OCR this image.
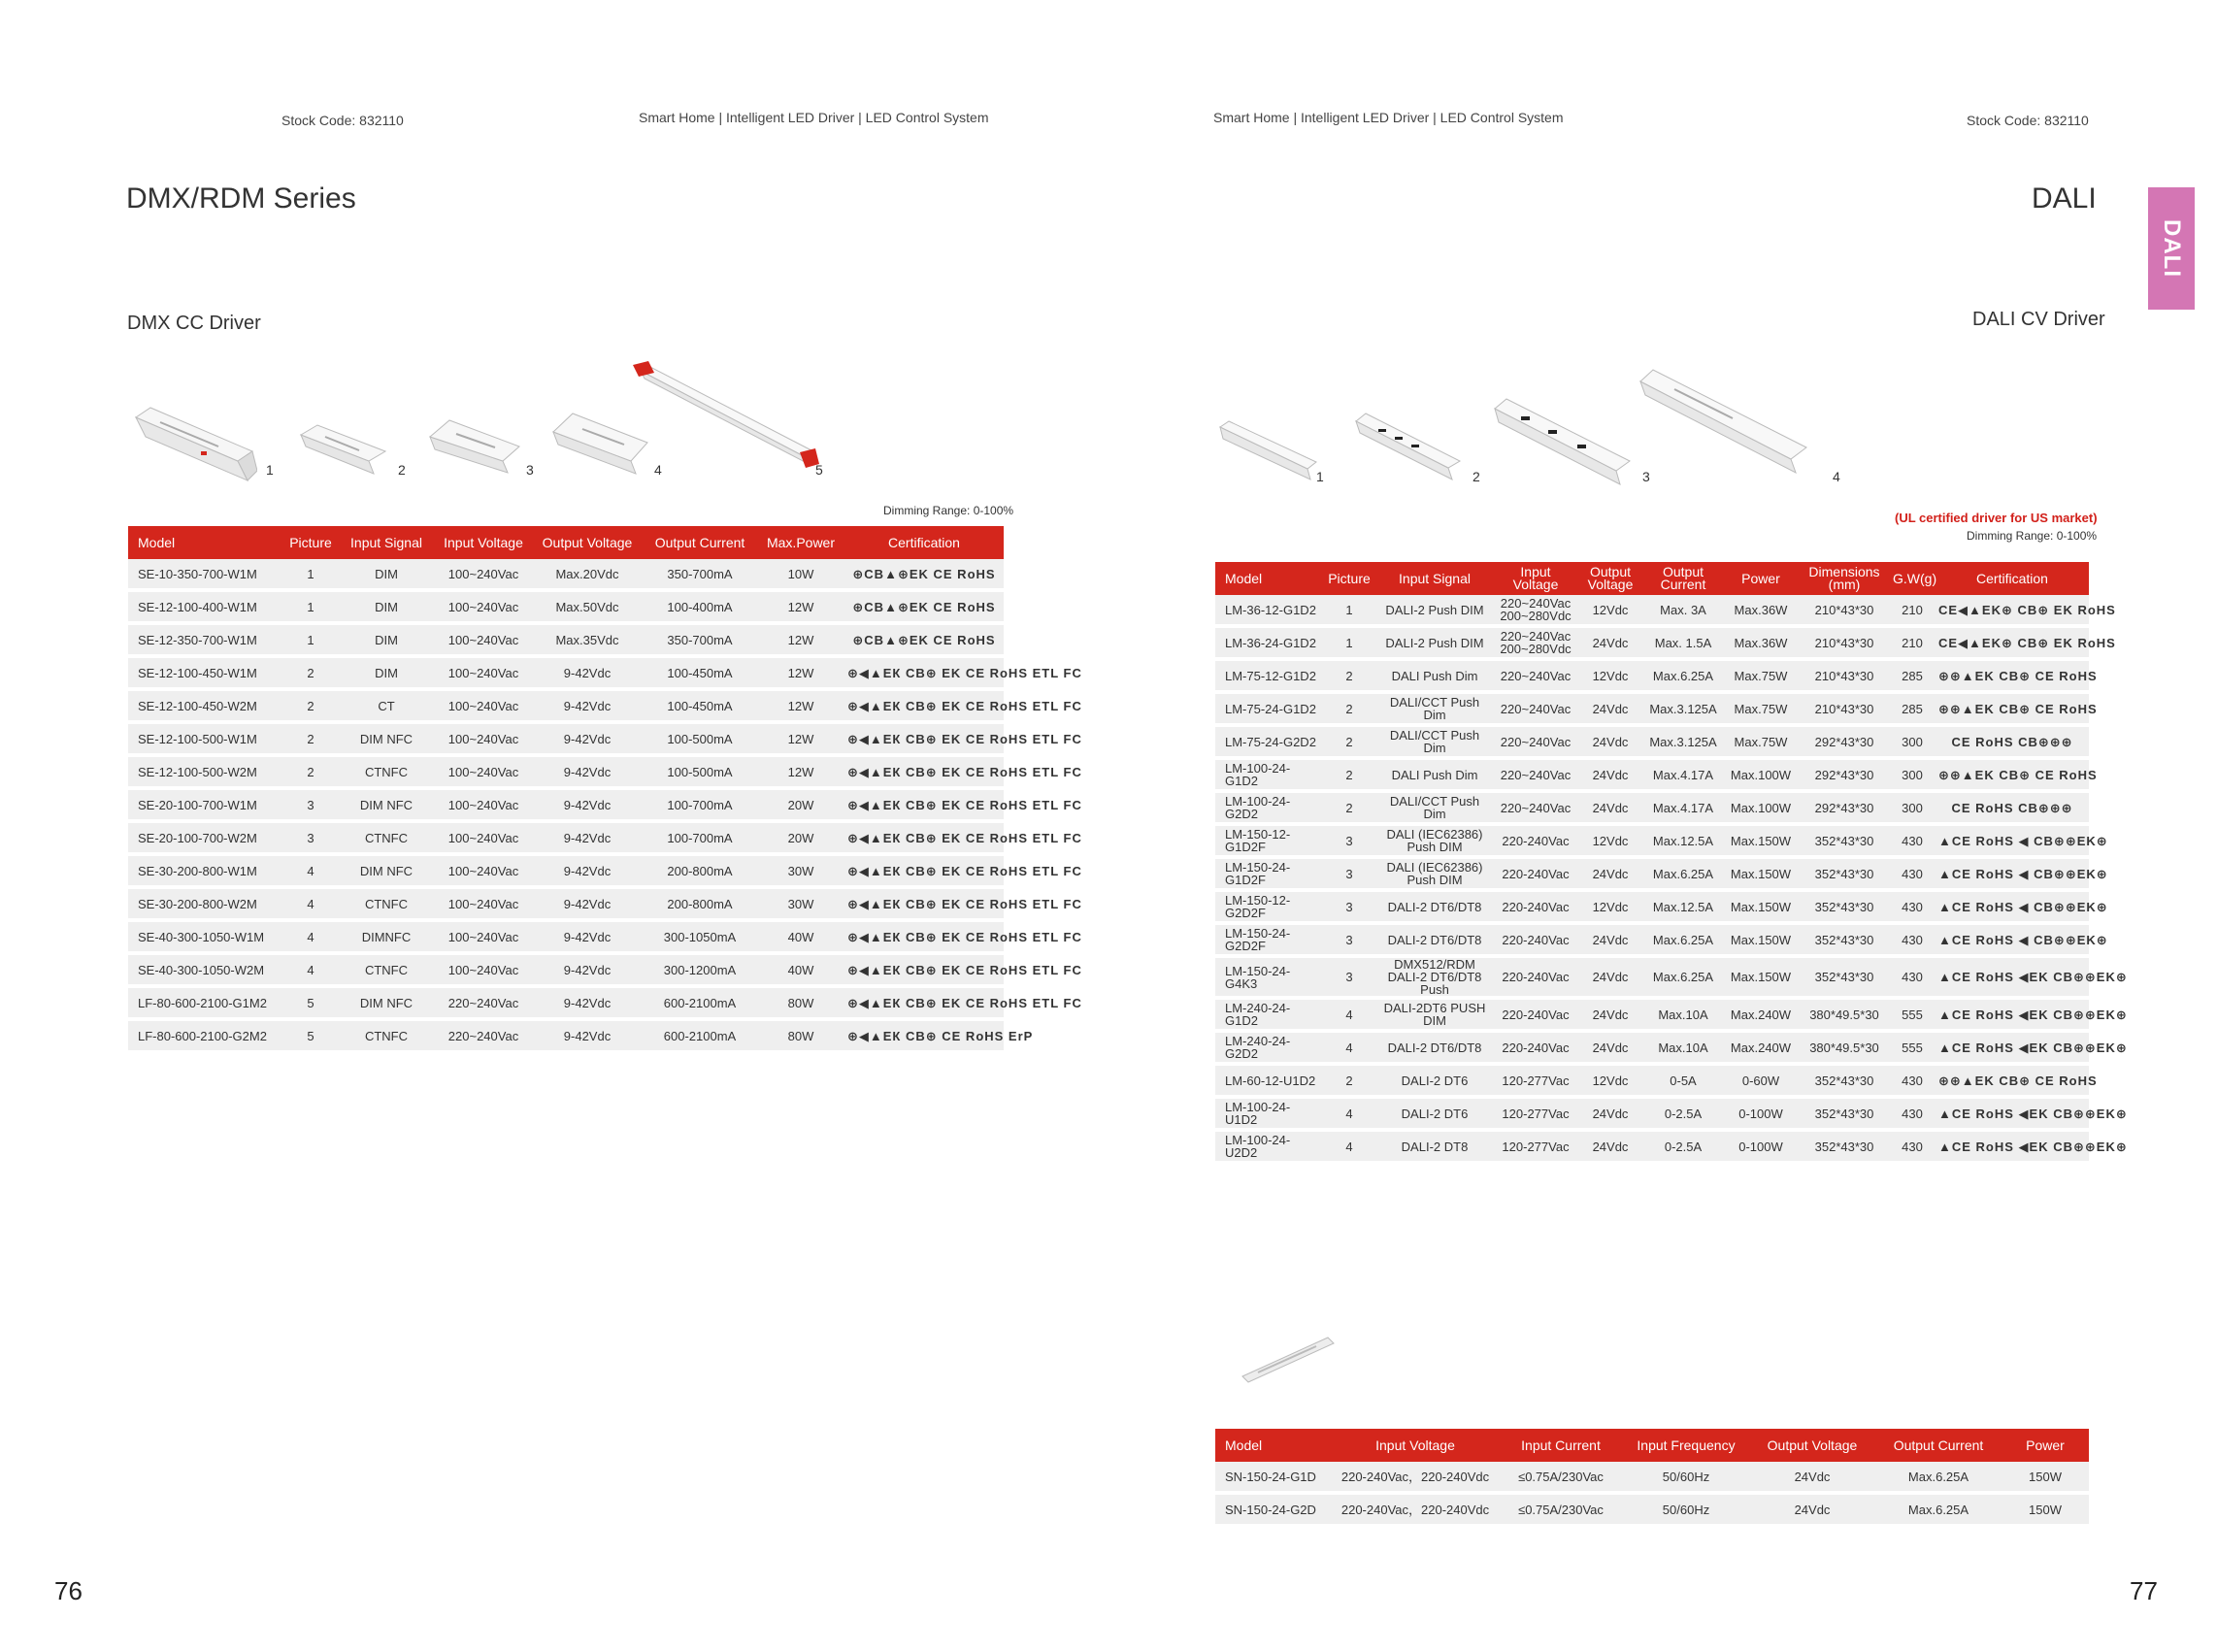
Stock Code: 832110	Smart Home | Intelligent LED Driver | LED Control System
DMX/RDM Series
DMX CC Driver
1	2	3	4	5
Dimming Range: 0-100%
Model	Picture	Input Signal	Input Voltage	Output Voltage	Output Current	Max.Power	Certification
SE-10-350-700-W1M	1	DIM	100~240Vac	Max.20Vdc	350-700mA	10W	⊕CB▲⊕EK CE RoHS
SE-12-100-400-W1M	1	DIM	100~240Vac	Max.50Vdc	100-400mA	12W	⊕CB▲⊕EK CE RoHS
SE-12-350-700-W1M	1	DIM	100~240Vac	Max.35Vdc	350-700mA	12W	⊕CB▲⊕EK CE RoHS
SE-12-100-450-W1M	2	DIM	100~240Vac	9-42Vdc	100-450mA	12W	⊕◀▲ЕК CB⊕ EK CE RoHS ETL FC
SE-12-100-450-W2M	2	CT	100~240Vac	9-42Vdc	100-450mA	12W	⊕◀▲ЕК CB⊕ EK CE RoHS ETL FC
SE-12-100-500-W1M	2	DIM NFC	100~240Vac	9-42Vdc	100-500mA	12W	⊕◀▲ЕК CB⊕ EK CE RoHS ETL FC
SE-12-100-500-W2M	2	CTNFC	100~240Vac	9-42Vdc	100-500mA	12W	⊕◀▲ЕК CB⊕ EK CE RoHS ETL FC
SE-20-100-700-W1M	3	DIM NFC	100~240Vac	9-42Vdc	100-700mA	20W	⊕◀▲ЕК CB⊕ EK CE RoHS ETL FC
SE-20-100-700-W2M	3	CTNFC	100~240Vac	9-42Vdc	100-700mA	20W	⊕◀▲ЕК CB⊕ EK CE RoHS ETL FC
SE-30-200-800-W1M	4	DIM NFC	100~240Vac	9-42Vdc	200-800mA	30W	⊕◀▲ЕК CB⊕ EK CE RoHS ETL FC
SE-30-200-800-W2M	4	CTNFC	100~240Vac	9-42Vdc	200-800mA	30W	⊕◀▲ЕК CB⊕ EK CE RoHS ETL FC
SE-40-300-1050-W1M	4	DIMNFC	100~240Vac	9-42Vdc	300-1050mA	40W	⊕◀▲ЕК CB⊕ EK CE RoHS ETL FC
SE-40-300-1050-W2M	4	CTNFC	100~240Vac	9-42Vdc	300-1200mA	40W	⊕◀▲ЕК CB⊕ EK CE RoHS ETL FC
LF-80-600-2100-G1M2	5	DIM NFC	220~240Vac	9-42Vdc	600-2100mA	80W	⊕◀▲ЕК CB⊕ EK CE RoHS ETL FC
LF-80-600-2100-G2M2	5	CTNFC	220~240Vac	9-42Vdc	600-2100mA	80W	⊕◀▲ЕК CB⊕ CE RoHS ErP
76
Smart Home | Intelligent LED Driver | LED Control System	Stock Code: 832110
DALI
DALI
DALI CV Driver
1	2	3	4
(UL certified driver for US market)
Dimming Range: 0-100%
Model	Picture	Input Signal	Input Voltage	Output Voltage	Output Current	Power	Dimensions (mm)	G.W(g)	Certification
LM-36-12-G1D2	1	DALI-2 Push DIM	220~240Vac 200~280Vdc	12Vdc	Max. 3A	Max.36W	210*43*30	210	CE◀▲EK⊕ CB⊕ EK RoHS
LM-36-24-G1D2	1	DALI-2 Push DIM	220~240Vac 200~280Vdc	24Vdc	Max. 1.5A	Max.36W	210*43*30	210	CE◀▲EK⊕ CB⊕ EK RoHS
LM-75-12-G1D2	2	DALI Push Dim	220~240Vac	12Vdc	Max.6.25A	Max.75W	210*43*30	285	⊕⊕▲EK CB⊕ CE RoHS
LM-75-24-G1D2	2	DALI/CCT Push Dim	220~240Vac	24Vdc	Max.3.125A	Max.75W	210*43*30	285	⊕⊕▲EK CB⊕ CE RoHS
LM-75-24-G2D2	2	DALI/CCT Push Dim	220~240Vac	24Vdc	Max.3.125A	Max.75W	292*43*30	300	CE RoHS CB⊕⊕⊕
LM-100-24-G1D2	2	DALI Push Dim	220~240Vac	24Vdc	Max.4.17A	Max.100W	292*43*30	300	⊕⊕▲EK CB⊕ CE RoHS
LM-100-24-G2D2	2	DALI/CCT Push Dim	220~240Vac	24Vdc	Max.4.17A	Max.100W	292*43*30	300	CE RoHS CB⊕⊕⊕
LM-150-12-G1D2F	3	DALI (IEC62386) Push DIM	220-240Vac	12Vdc	Max.12.5A	Max.150W	352*43*30	430	▲CE RoHS ◀ CB⊕⊕EK⊕
LM-150-24-G1D2F	3	DALI (IEC62386) Push DIM	220-240Vac	24Vdc	Max.6.25A	Max.150W	352*43*30	430	▲CE RoHS ◀ CB⊕⊕EK⊕
LM-150-12-G2D2F	3	DALI-2 DT6/DT8	220-240Vac	12Vdc	Max.12.5A	Max.150W	352*43*30	430	▲CE RoHS ◀ CB⊕⊕EK⊕
LM-150-24-G2D2F	3	DALI-2 DT6/DT8	220-240Vac	24Vdc	Max.6.25A	Max.150W	352*43*30	430	▲CE RoHS ◀ CB⊕⊕EK⊕
LM-150-24-G4K3	3	DMX512/RDM DALI-2 DT6/DT8 Push	220-240Vac	24Vdc	Max.6.25A	Max.150W	352*43*30	430	▲CE RoHS ◀EK CB⊕⊕EK⊕
LM-240-24-G1D2	4	DALI-2DT6 PUSH DIM	220-240Vac	24Vdc	Max.10A	Max.240W	380*49.5*30	555	▲CE RoHS ◀EK CB⊕⊕EK⊕
LM-240-24-G2D2	4	DALI-2 DT6/DT8	220-240Vac	24Vdc	Max.10A	Max.240W	380*49.5*30	555	▲CE RoHS ◀EK CB⊕⊕EK⊕
LM-60-12-U1D2	2	DALI-2 DT6	120-277Vac	12Vdc	0-5A	0-60W	352*43*30	430	⊕⊕▲EK CB⊕ CE RoHS
LM-100-24-U1D2	4	DALI-2 DT6	120-277Vac	24Vdc	0-2.5A	0-100W	352*43*30	430	▲CE RoHS ◀EK CB⊕⊕EK⊕
LM-100-24-U2D2	4	DALI-2 DT8	120-277Vac	24Vdc	0-2.5A	0-100W	352*43*30	430	▲CE RoHS ◀EK CB⊕⊕EK⊕
Model	Input Voltage	Input Current	Input Frequency	Output Voltage	Output Current	Power
SN-150-24-G1D	220-240Vac，220-240Vdc	≤0.75A/230Vac	50/60Hz	24Vdc	Max.6.25A	150W
SN-150-24-G2D	220-240Vac，220-240Vdc	≤0.75A/230Vac	50/60Hz	24Vdc	Max.6.25A	150W
77
